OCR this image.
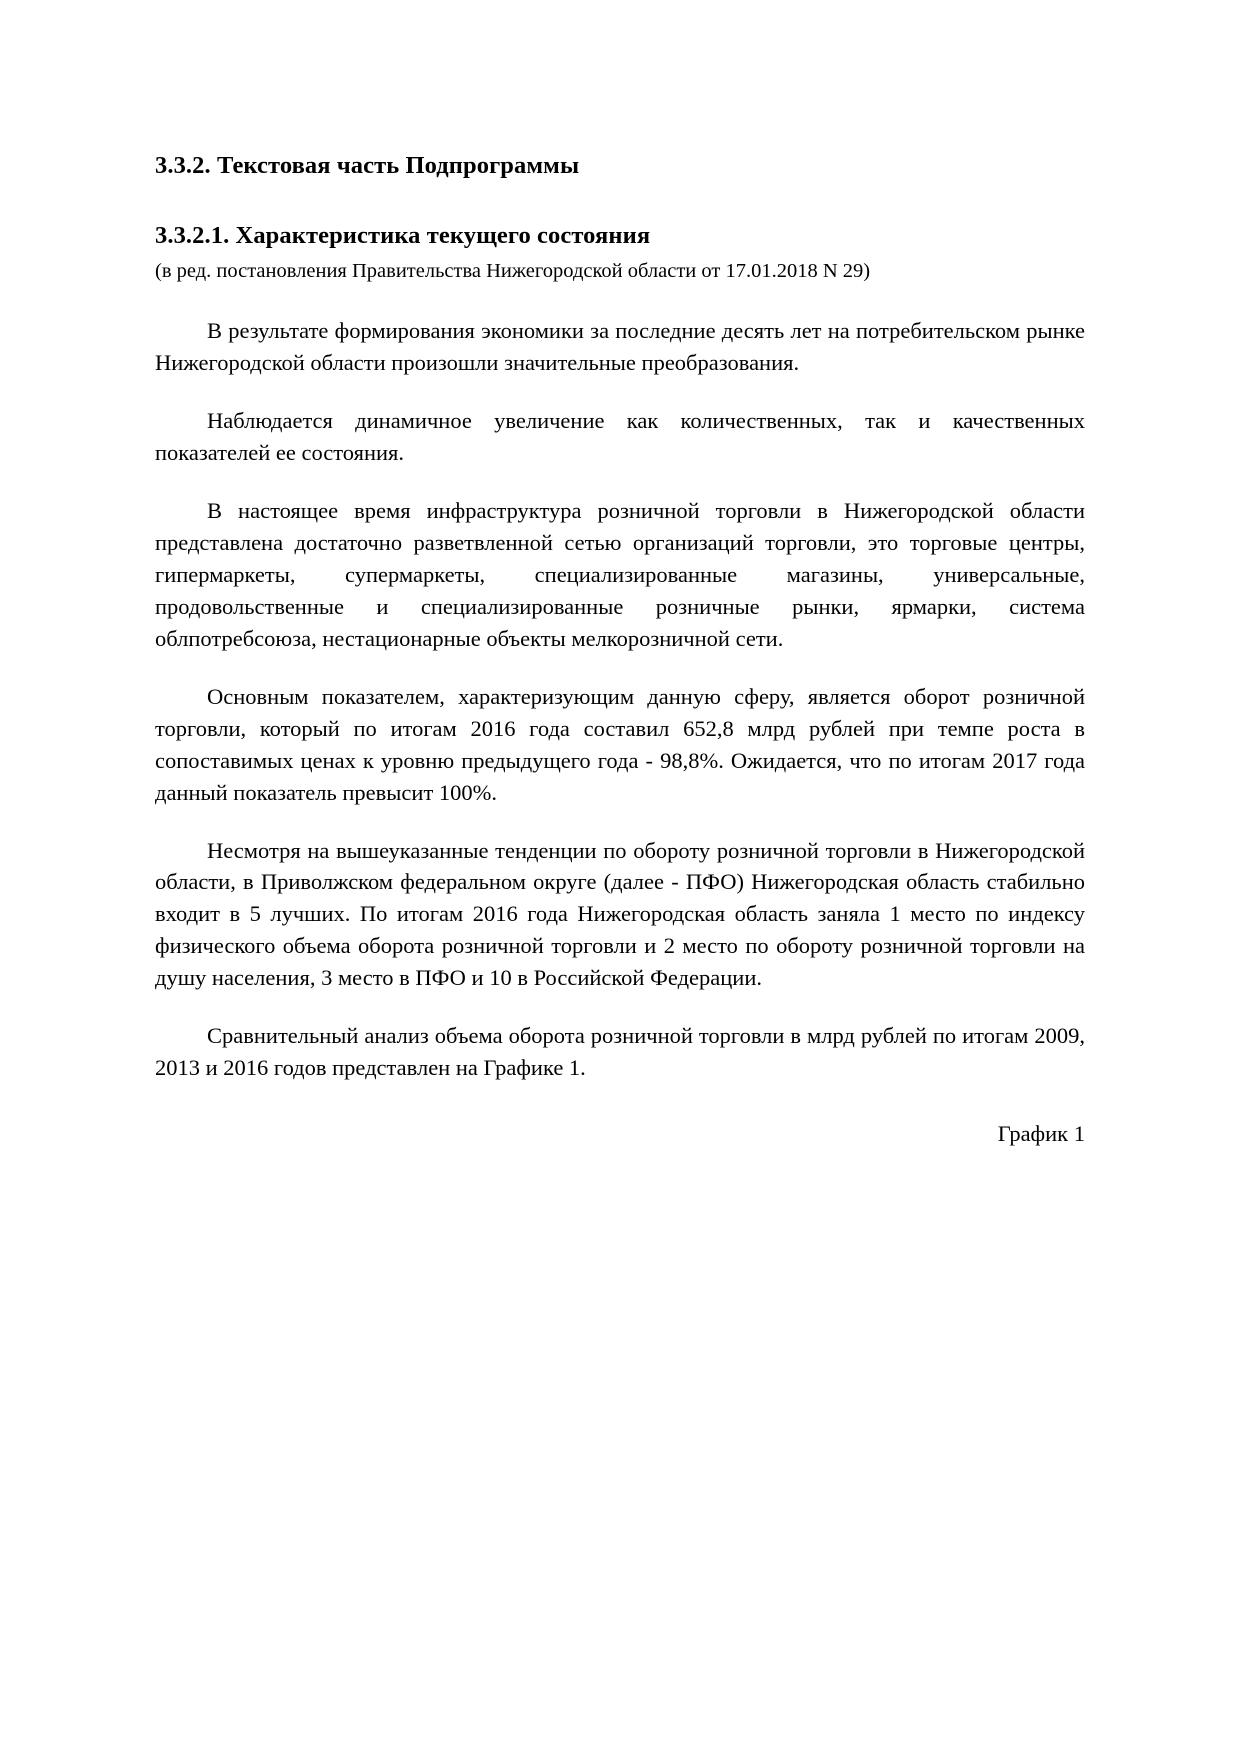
3.3.2. Текстовая часть Подпрограммы
3.3.2.1. Характеристика текущего состояния
(в ред. постановления Правительства Нижегородской области от 17.01.2018 N 29)

В результате формирования экономики за последние десять лет на потребительском рынке Нижегородской области произошли значительные преобразования.

Наблюдается динамичное увеличение как количественных, так и качественных показателей ее состояния.

В настоящее время инфраструктура розничной торговли в Нижегородской области представлена достаточно разветвленной сетью организаций торговли, это торговые центры, гипермаркеты, супермаркеты, специализированные магазины, универсальные, продовольственные и специализированные розничные рынки, ярмарки, система облпотребсоюза, нестационарные объекты мелкорозничной сети.

Основным показателем, характеризующим данную сферу, является оборот розничной торговли, который по итогам 2016 года составил 652,8 млрд рублей при темпе роста в сопоставимых ценах к уровню предыдущего года - 98,8%. Ожидается, что по итогам 2017 года данный показатель превысит 100%.

Несмотря на вышеуказанные тенденции по обороту розничной торговли в Нижегородской области, в Приволжском федеральном округе (далее - ПФО) Нижегородская область стабильно входит в 5 лучших. По итогам 2016 года Нижегородская область заняла 1 место по индексу физического объема оборота розничной торговли и 2 место по обороту розничной торговли на душу населения, 3 место в ПФО и 10 в Российской Федерации.

Сравнительный анализ объема оборота розничной торговли в млрд рублей по итогам 2009, 2013 и 2016 годов представлен на Графике 1.

График 1
